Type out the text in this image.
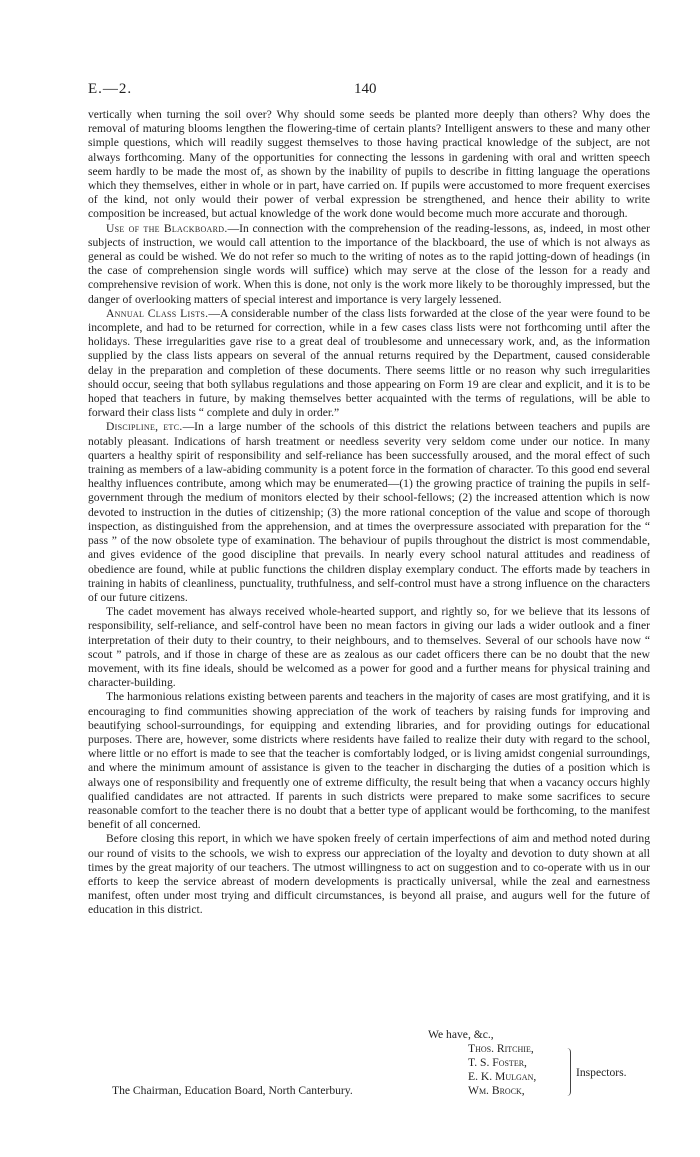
E.—2.	140

vertically when turning the soil over? Why should some seeds be planted more deeply than others? Why does the removal of maturing blooms lengthen the flowering-time of certain plants? Intelligent answers to these and many other simple questions, which will readily suggest themselves to those having practical knowledge of the subject, are not always forthcoming. Many of the opportunities for connecting the lessons in gardening with oral and written speech seem hardly to be made the most of, as shown by the inability of pupils to describe in fitting language the operations which they themselves, either in whole or in part, have carried on. If pupils were accustomed to more frequent exercises of the kind, not only would their power of verbal expression be strengthened, and hence their ability to write composition be increased, but actual knowledge of the work done would become much more accurate and thorough.

Use of the Blackboard.—In connection with the comprehension of the reading-lessons, as, indeed, in most other subjects of instruction, we would call attention to the importance of the blackboard, the use of which is not always as general as could be wished. We do not refer so much to the writing of notes as to the rapid jotting-down of headings (in the case of comprehension single words will suffice) which may serve at the close of the lesson for a ready and comprehensive revision of work. When this is done, not only is the work more likely to be thoroughly impressed, but the danger of overlooking matters of special interest and importance is very largely lessened.

Annual Class Lists.—A considerable number of the class lists forwarded at the close of the year were found to be incomplete, and had to be returned for correction, while in a few cases class lists were not forthcoming until after the holidays. These irregularities gave rise to a great deal of troublesome and unnecessary work, and, as the information supplied by the class lists appears on several of the annual returns required by the Department, caused considerable delay in the preparation and completion of these documents. There seems little or no reason why such irregularities should occur, seeing that both syllabus regulations and those appearing on Form 19 are clear and explicit, and it is to be hoped that teachers in future, by making themselves better acquainted with the terms of regulations, will be able to forward their class lists “ complete and duly in order.”

Discipline, etc.—In a large number of the schools of this district the relations between teachers and pupils are notably pleasant. Indications of harsh treatment or needless severity very seldom come under our notice. In many quarters a healthy spirit of responsibility and self-reliance has been successfully aroused, and the moral effect of such training as members of a law-abiding community is a potent force in the formation of character. To this good end several healthy influences contribute, among which may be enumerated—(1) the growing practice of training the pupils in self-government through the medium of monitors elected by their school-fellows; (2) the increased attention which is now devoted to instruction in the duties of citizenship; (3) the more rational conception of the value and scope of thorough inspection, as distinguished from the apprehension, and at times the overpressure associated with preparation for the “ pass ” of the now obsolete type of examination. The behaviour of pupils throughout the district is most commendable, and gives evidence of the good discipline that prevails. In nearly every school natural attitudes and readiness of obedience are found, while at public functions the children display exemplary conduct. The efforts made by teachers in training in habits of cleanliness, punctuality, truthfulness, and self-control must have a strong influence on the characters of our future citizens.

The cadet movement has always received whole-hearted support, and rightly so, for we believe that its lessons of responsibility, self-reliance, and self-control have been no mean factors in giving our lads a wider outlook and a finer interpretation of their duty to their country, to their neighbours, and to themselves. Several of our schools have now “ scout ” patrols, and if those in charge of these are as zealous as our cadet officers there can be no doubt that the new movement, with its fine ideals, should be welcomed as a power for good and a further means for physical training and character-building.

The harmonious relations existing between parents and teachers in the majority of cases are most gratifying, and it is encouraging to find communities showing appreciation of the work of teachers by raising funds for improving and beautifying school-surroundings, for equipping and extending libraries, and for providing outings for educational purposes. There are, however, some districts where residents have failed to realize their duty with regard to the school, where little or no effort is made to see that the teacher is comfortably lodged, or is living amidst congenial surroundings, and where the minimum amount of assistance is given to the teacher in discharging the duties of a position which is always one of responsibility and frequently one of extreme difficulty, the result being that when a vacancy occurs highly qualified candidates are not attracted. If parents in such districts were prepared to make some sacrifices to secure reasonable comfort to the teacher there is no doubt that a better type of applicant would be forthcoming, to the manifest benefit of all concerned.

Before closing this report, in which we have spoken freely of certain imperfections of aim and method noted during our round of visits to the schools, we wish to express our appreciation of the loyalty and devotion to duty shown at all times by the great majority of our teachers. The utmost willingness to act on suggestion and to co-operate with us in our efforts to keep the service abreast of modern developments is practically universal, while the zeal and earnestness manifest, often under most trying and difficult circumstances, is beyond all praise, and augurs well for the future of education in this district.

We have, &c.,
Thos. Ritchie,
T. S. Foster,
E. K. Mulgan,
Wm. Brock,
Inspectors.
The Chairman, Education Board, North Canterbury.
